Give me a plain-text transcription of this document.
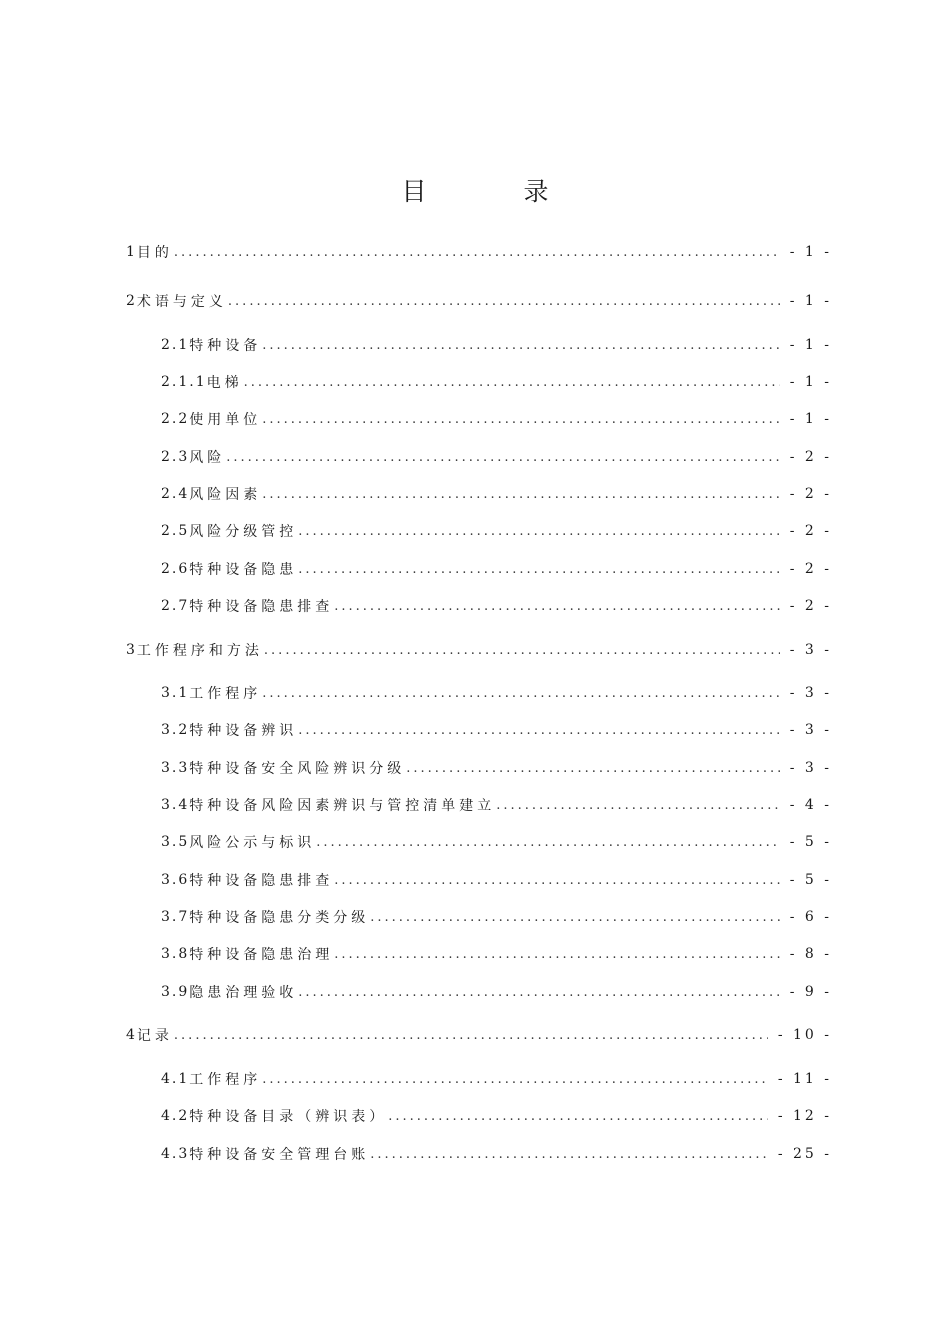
目　录
1 目的 .....	- 1 -
2 术语与定义 .....	- 1 -
2.1 特种设备 .....	- 1 -
2.1.1 电梯 .....	- 1 -
2.2 使用单位 .....	- 1 -
2.3 风险 .....	- 2 -
2.4 风险因素 .....	- 2 -
2.5 风险分级管控 .....	- 2 -
2.6 特种设备隐患 .....	- 2 -
2.7 特种设备隐患排查 .....	- 2 -
3 工作程序和方法 .....	- 3 -
3.1 工作程序 .....	- 3 -
3.2 特种设备辨识 .....	- 3 -
3.3 特种设备安全风险辨识分级 .....	- 3 -
3.4 特种设备风险因素辨识与管控清单建立 .....	- 4 -
3.5 风险公示与标识 .....	- 5 -
3.6 特种设备隐患排查 .....	- 5 -
3.7 特种设备隐患分类分级 .....	- 6 -
3.8 特种设备隐患治理 .....	- 8 -
3.9 隐患治理验收 .....	- 9 -
4 记录 .....	- 10 -
4.1 工作程序 .....	- 11 -
4.2 特种设备目录（辨识表） .....	- 12 -
4.3 特种设备安全管理台账 .....	- 25 -
